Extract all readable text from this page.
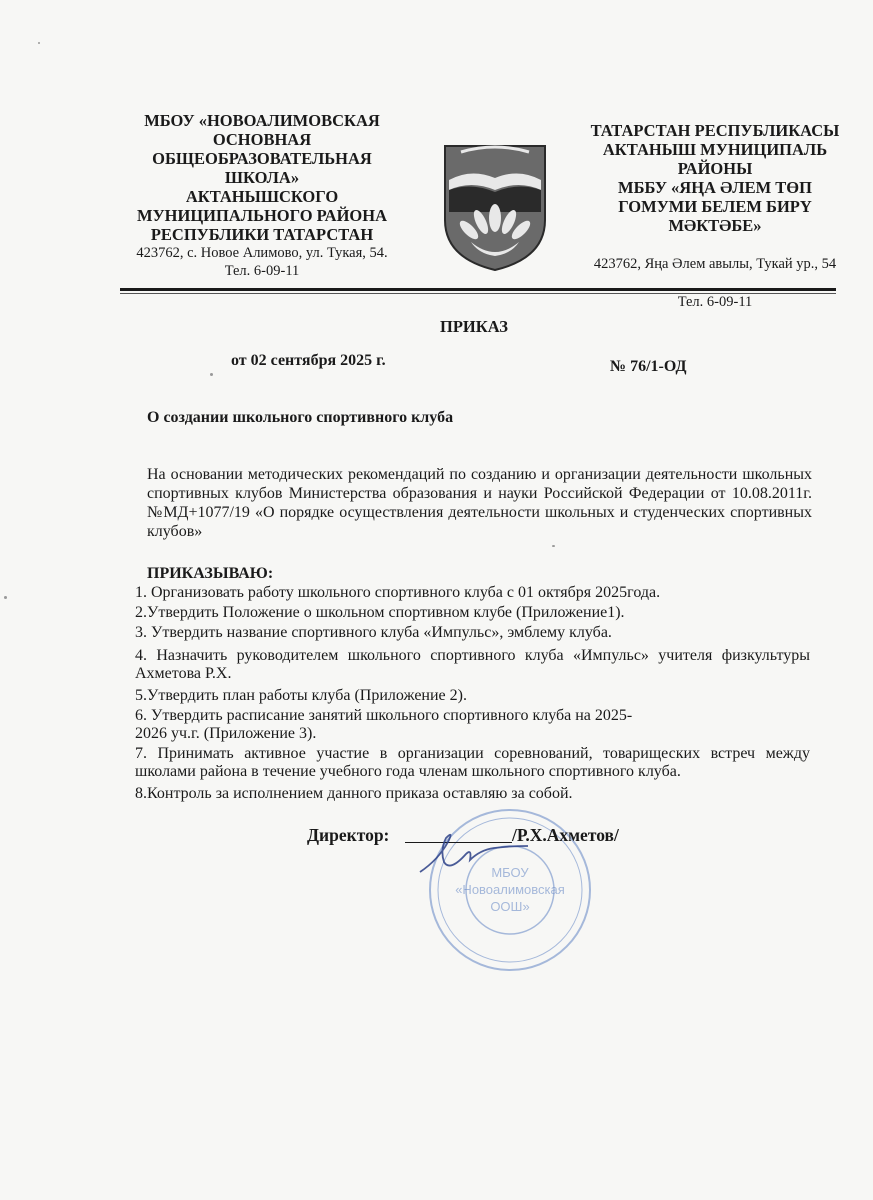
МБОУ «НОВОАЛИМОВСКАЯ
ОСНОВНАЯ
ОБЩЕОБРАЗОВАТЕЛЬНАЯ
ШКОЛА»
АКТАНЫШСКОГО
МУНИЦИПАЛЬНОГО РАЙОНА
РЕСПУБЛИКИ ТАТАРСТАН
423762, с. Новое Алимово, ул. Тукая, 54.
Тел. 6-09-11
ТАТАРСТАН РЕСПУБЛИКАСЫ
АКТАНЫШ МУНИЦИПАЛЬ
РАЙОНЫ
МББУ «ЯҢА ӘЛЕМ ТӨП
ГОМУМИ БЕЛЕМ БИРҮ
МӘКТӘБЕ»
423762, Яңа Әлем авылы, Тукай ур., 54
Тел. 6-09-11
ПРИКАЗ
от 02 сентября 2025 г.	№ 76/1-ОД
О создании школьного спортивного клуба
На основании методических рекомендаций по созданию и организации деятельности школьных спортивных клубов Министерства образования и науки Российской Федерации от 10.08.2011г. №МД+1077/19 «О порядке осуществления деятельности школьных и студенческих спортивных клубов»
ПРИКАЗЫВАЮ:
1. Организовать работу школьного спортивного клуба с 01 октября 2025года.
2.Утвердить Положение о школьном спортивном клубе (Приложение1).
3. Утвердить название спортивного клуба «Импульс», эмблему клуба.
4. Назначить руководителем школьного спортивного клуба «Импульс» учителя физкультуры Ахметова Р.Х.
5.Утвердить план работы клуба (Приложение 2).
6. Утвердить расписание занятий школьного спортивного клуба на 2025-2026 уч.г. (Приложение 3).
7. Принимать активное участие в организации соревнований, товарищеских встреч между школами района в течение учебного года членам школьного спортивного клуба.
8.Контроль за исполнением данного приказа оставляю за собой.
МБОУ
«Новоалимовская
ООШ»
Директор:	/Р.Х.Ахметов/
